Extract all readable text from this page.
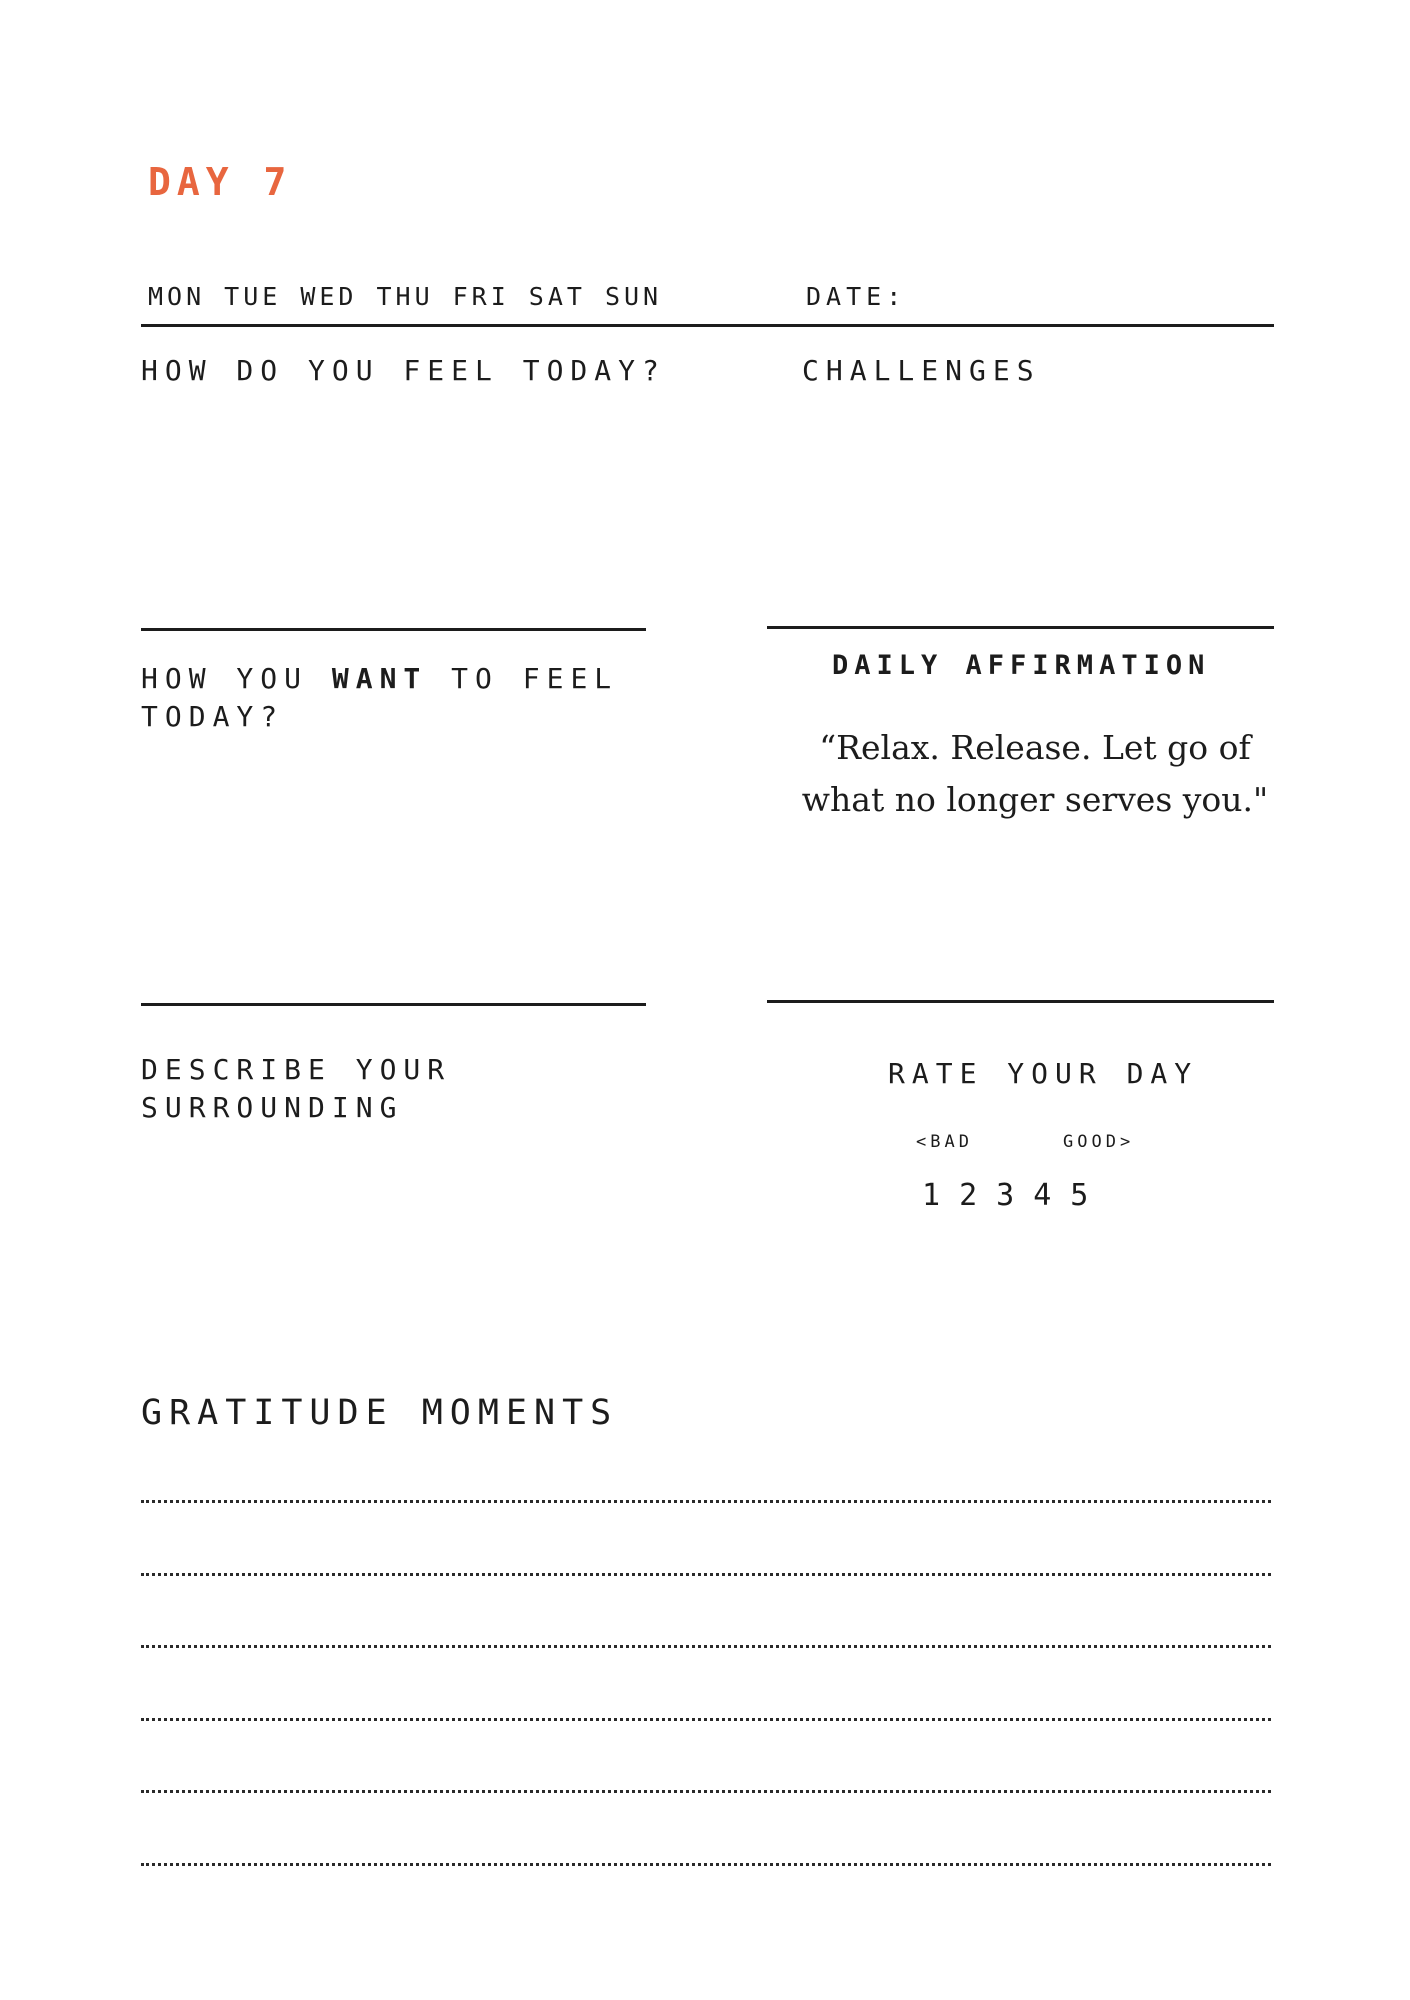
DAY 7
MON TUE WED THU FRI SAT SUN	DATE:
HOW DO YOU FEEL TODAY?	CHALLENGES
HOW YOU WANT TO FEEL
TODAY?
DAILY AFFIRMATION
“Relax. Release. Let go of what no longer serves you."
DESCRIBE YOUR
SURROUNDING
RATE YOUR DAY
<BAD	GOOD>
1 2 3 4 5
GRATITUDE MOMENTS
